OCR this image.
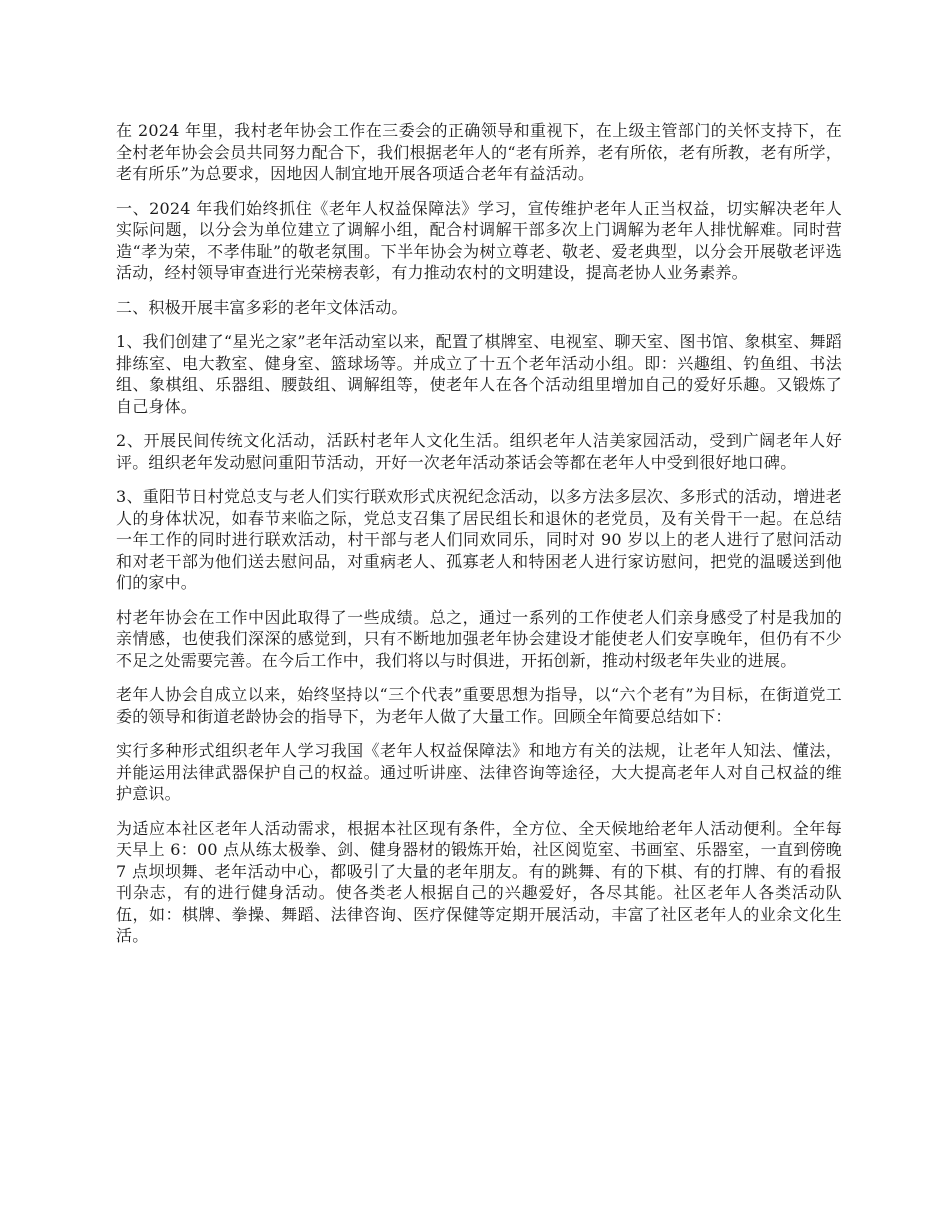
在 2024 年里，我村老年协会工作在三委会的正确领导和重视下，在上级主管部门的关怀支持下，在全村老年协会会员共同努力配合下，我们根据老年人的“老有所养，老有所依，老有所教，老有所学，老有所乐”为总要求，因地因人制宜地开展各项适合老年有益活动。

一、2024 年我们始终抓住《老年人权益保障法》学习，宣传维护老年人正当权益，切实解决老年人实际问题，以分会为单位建立了调解小组，配合村调解干部多次上门调解为老年人排忧解难。同时营造“孝为荣，不孝伟耻”的敬老氛围。下半年协会为树立尊老、敬老、爱老典型，以分会开展敬老评选活动，经村领导审查进行光荣榜表彰，有力推动农村的文明建设，提高老协人业务素养。

二、积极开展丰富多彩的老年文体活动。

1、我们创建了“星光之家”老年活动室以来，配置了棋牌室、电视室、聊天室、图书馆、象棋室、舞蹈排练室、电大教室、健身室、篮球场等。并成立了十五个老年活动小组。即：兴趣组、钓鱼组、书法组、象棋组、乐器组、腰鼓组、调解组等，使老年人在各个活动组里增加自己的爱好乐趣。又锻炼了自己身体。

2、开展民间传统文化活动，活跃村老年人文化生活。组织老年人洁美家园活动，受到广阔老年人好评。组织老年发动慰问重阳节活动，开好一次老年活动茶话会等都在老年人中受到很好地口碑。

3、重阳节日村党总支与老人们实行联欢形式庆祝纪念活动，以多方法多层次、多形式的活动，增进老人的身体状况，如春节来临之际，党总支召集了居民组长和退休的老党员，及有关骨干一起。在总结一年工作的同时进行联欢活动，村干部与老人们同欢同乐，同时对 90 岁以上的老人进行了慰问活动和对老干部为他们送去慰问品，对重病老人、孤寡老人和特困老人进行家访慰问，把党的温暖送到他们的家中。

村老年协会在工作中因此取得了一些成绩。总之，通过一系列的工作使老人们亲身感受了村是我加的亲情感，也使我们深深的感觉到，只有不断地加强老年协会建设才能使老人们安享晚年，但仍有不少不足之处需要完善。在今后工作中，我们将以与时俱进，开拓创新，推动村级老年失业的进展。

老年人协会自成立以来，始终坚持以“三个代表”重要思想为指导，以“六个老有”为目标，在街道党工委的领导和街道老龄协会的指导下，为老年人做了大量工作。回顾全年简要总结如下：

实行多种形式组织老年人学习我国《老年人权益保障法》和地方有关的法规，让老年人知法、懂法，并能运用法律武器保护自己的权益。通过听讲座、法律咨询等途径，大大提高老年人对自己权益的维护意识。

为适应本社区老年人活动需求，根据本社区现有条件，全方位、全天候地给老年人活动便利。全年每天早上 6：00 点从练太极拳、剑、健身器材的锻炼开始，社区阅览室、书画室、乐器室，一直到傍晚 7 点坝坝舞、老年活动中心，都吸引了大量的老年朋友。有的跳舞、有的下棋、有的打牌、有的看报刊杂志，有的进行健身活动。使各类老人根据自己的兴趣爱好，各尽其能。社区老年人各类活动队伍，如：棋牌、拳操、舞蹈、法律咨询、医疗保健等定期开展活动，丰富了社区老年人的业余文化生活。
